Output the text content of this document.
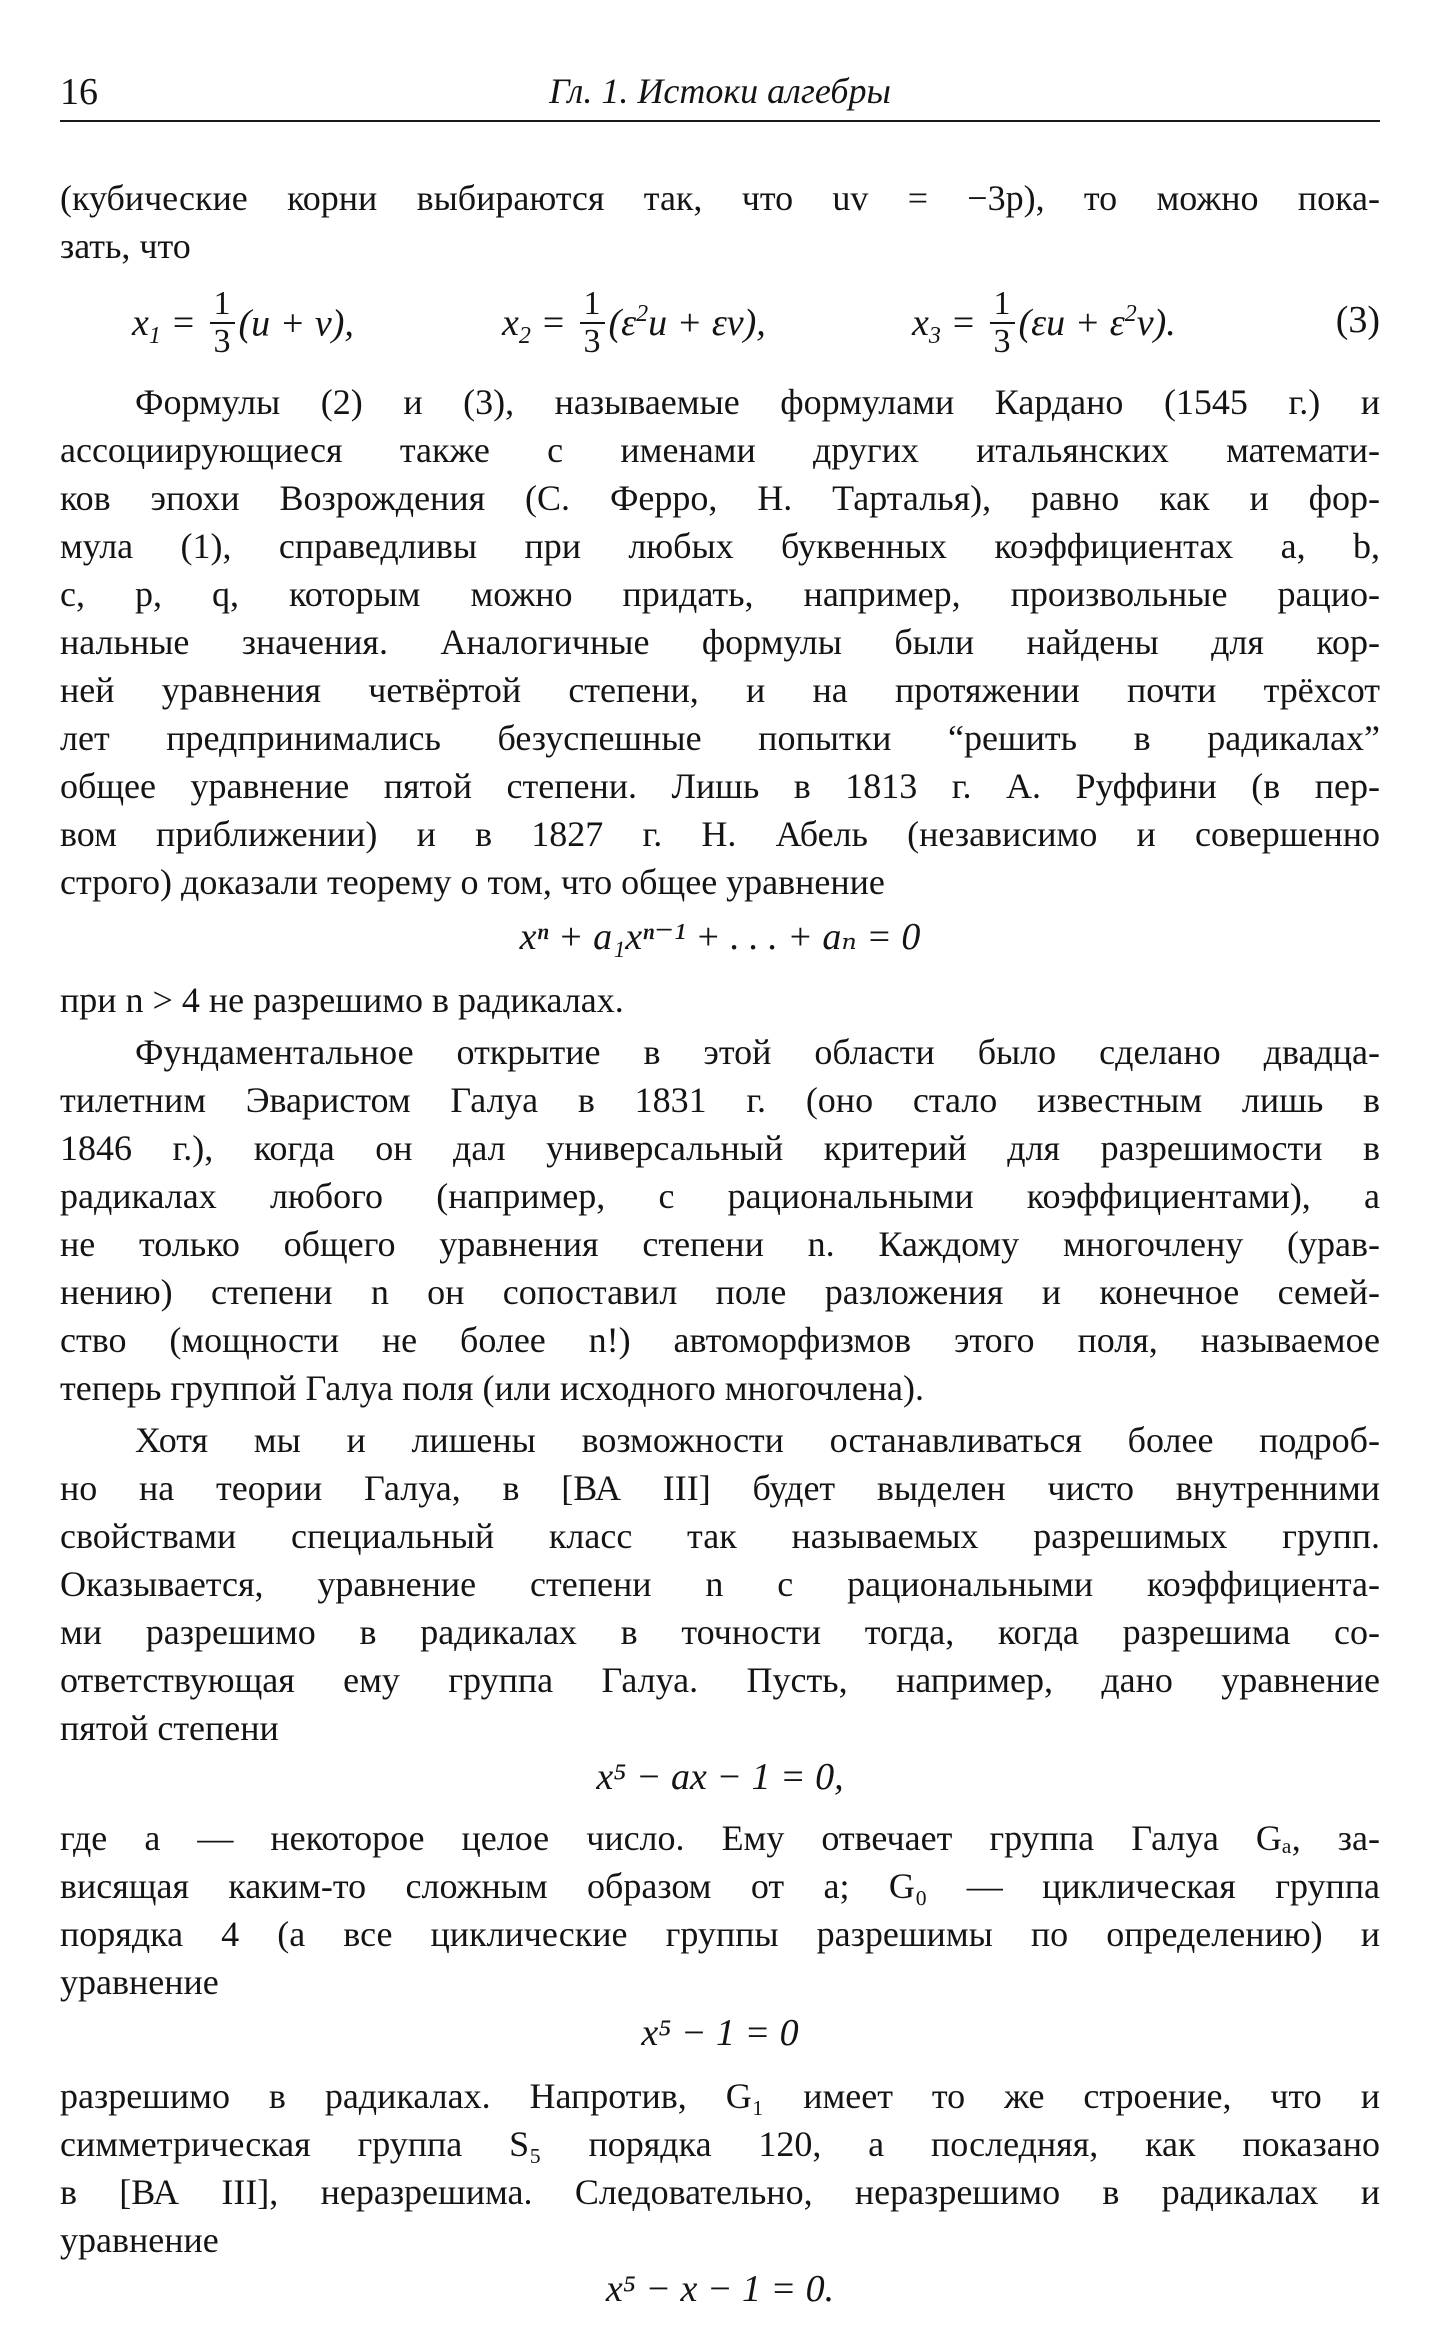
16	Гл. 1. Истоки алгебры
(кубические корни выбираются так, что uv = −3p), то можно пока-
зать, что
$x_1 = \frac{1}{3} (u + v)$,	$x_2 = \frac{1}{3} (\varepsilon^2u + \varepsilon v)$,	$x_3 = \frac{1}{3} (\varepsilon u + \varepsilon^2v)$.	(3)
Формулы (2) и (3), называемые формулами Кардано (1545 г.) и
ассоциирующиеся также с именами других итальянских математи-
ков эпохи Возрождения (С. Ферро, Н. Тарталья), равно как и фор-
мула (1), справедливы при любых буквенных коэффициентах a, b,
c, p, q, которым можно придать, например, произвольные рацио-
нальные значения. Аналогичные формулы были найдены для кор-
ней уравнения четвёртой степени, и на протяжении почти трёхсот
лет предпринимались безуспешные попытки “решить в радикалах”
общее уравнение пятой степени. Лишь в 1813 г. А. Руффини (в пер-
вом приближении) и в 1827 г. Н. Абель (независимо и совершенно
строго) доказали теорему о том, что общее уравнение
xⁿ + a₁xⁿ⁻¹ + . . . + aₙ = 0
при n > 4 не разрешимо в радикалах.
Фундаментальное открытие в этой области было сделано двадца-
тилетним Эваристом Галуа в 1831 г. (оно стало известным лишь в
1846 г.), когда он дал универсальный критерий для разрешимости в
радикалах любого (например, с рациональными коэффициентами), а
не только общего уравнения степени n. Каждому многочлену (урав-
нению) степени n он сопоставил поле разложения и конечное семей-
ство (мощности не более n!) автоморфизмов этого поля, называемое
теперь группой Галуа поля (или исходного многочлена).
Хотя мы и лишены возможности останавливаться более подроб-
но на теории Галуа, в [ВА III] будет выделен чисто внутренними
свойствами специальный класс так называемых разрешимых групп.
Оказывается, уравнение степени n с рациональными коэффициента-
ми разрешимо в радикалах в точности тогда, когда разрешима со-
ответствующая ему группа Галуа. Пусть, например, дано уравнение
пятой степени
x⁵ − ax − 1 = 0,
где a — некоторое целое число. Ему отвечает группа Галуа Gₐ, за-
висящая каким-то сложным образом от a; G₀ — циклическая группа
порядка 4 (а все циклические группы разрешимы по определению) и
уравнение
x⁵ − 1 = 0
разрешимо в радикалах. Напротив, G₁ имеет то же строение, что и
симметрическая группа S₅ порядка 120, а последняя, как показано
в [ВА III], неразрешима. Следовательно, неразрешимо в радикалах и
уравнение
x⁵ − x − 1 = 0.
